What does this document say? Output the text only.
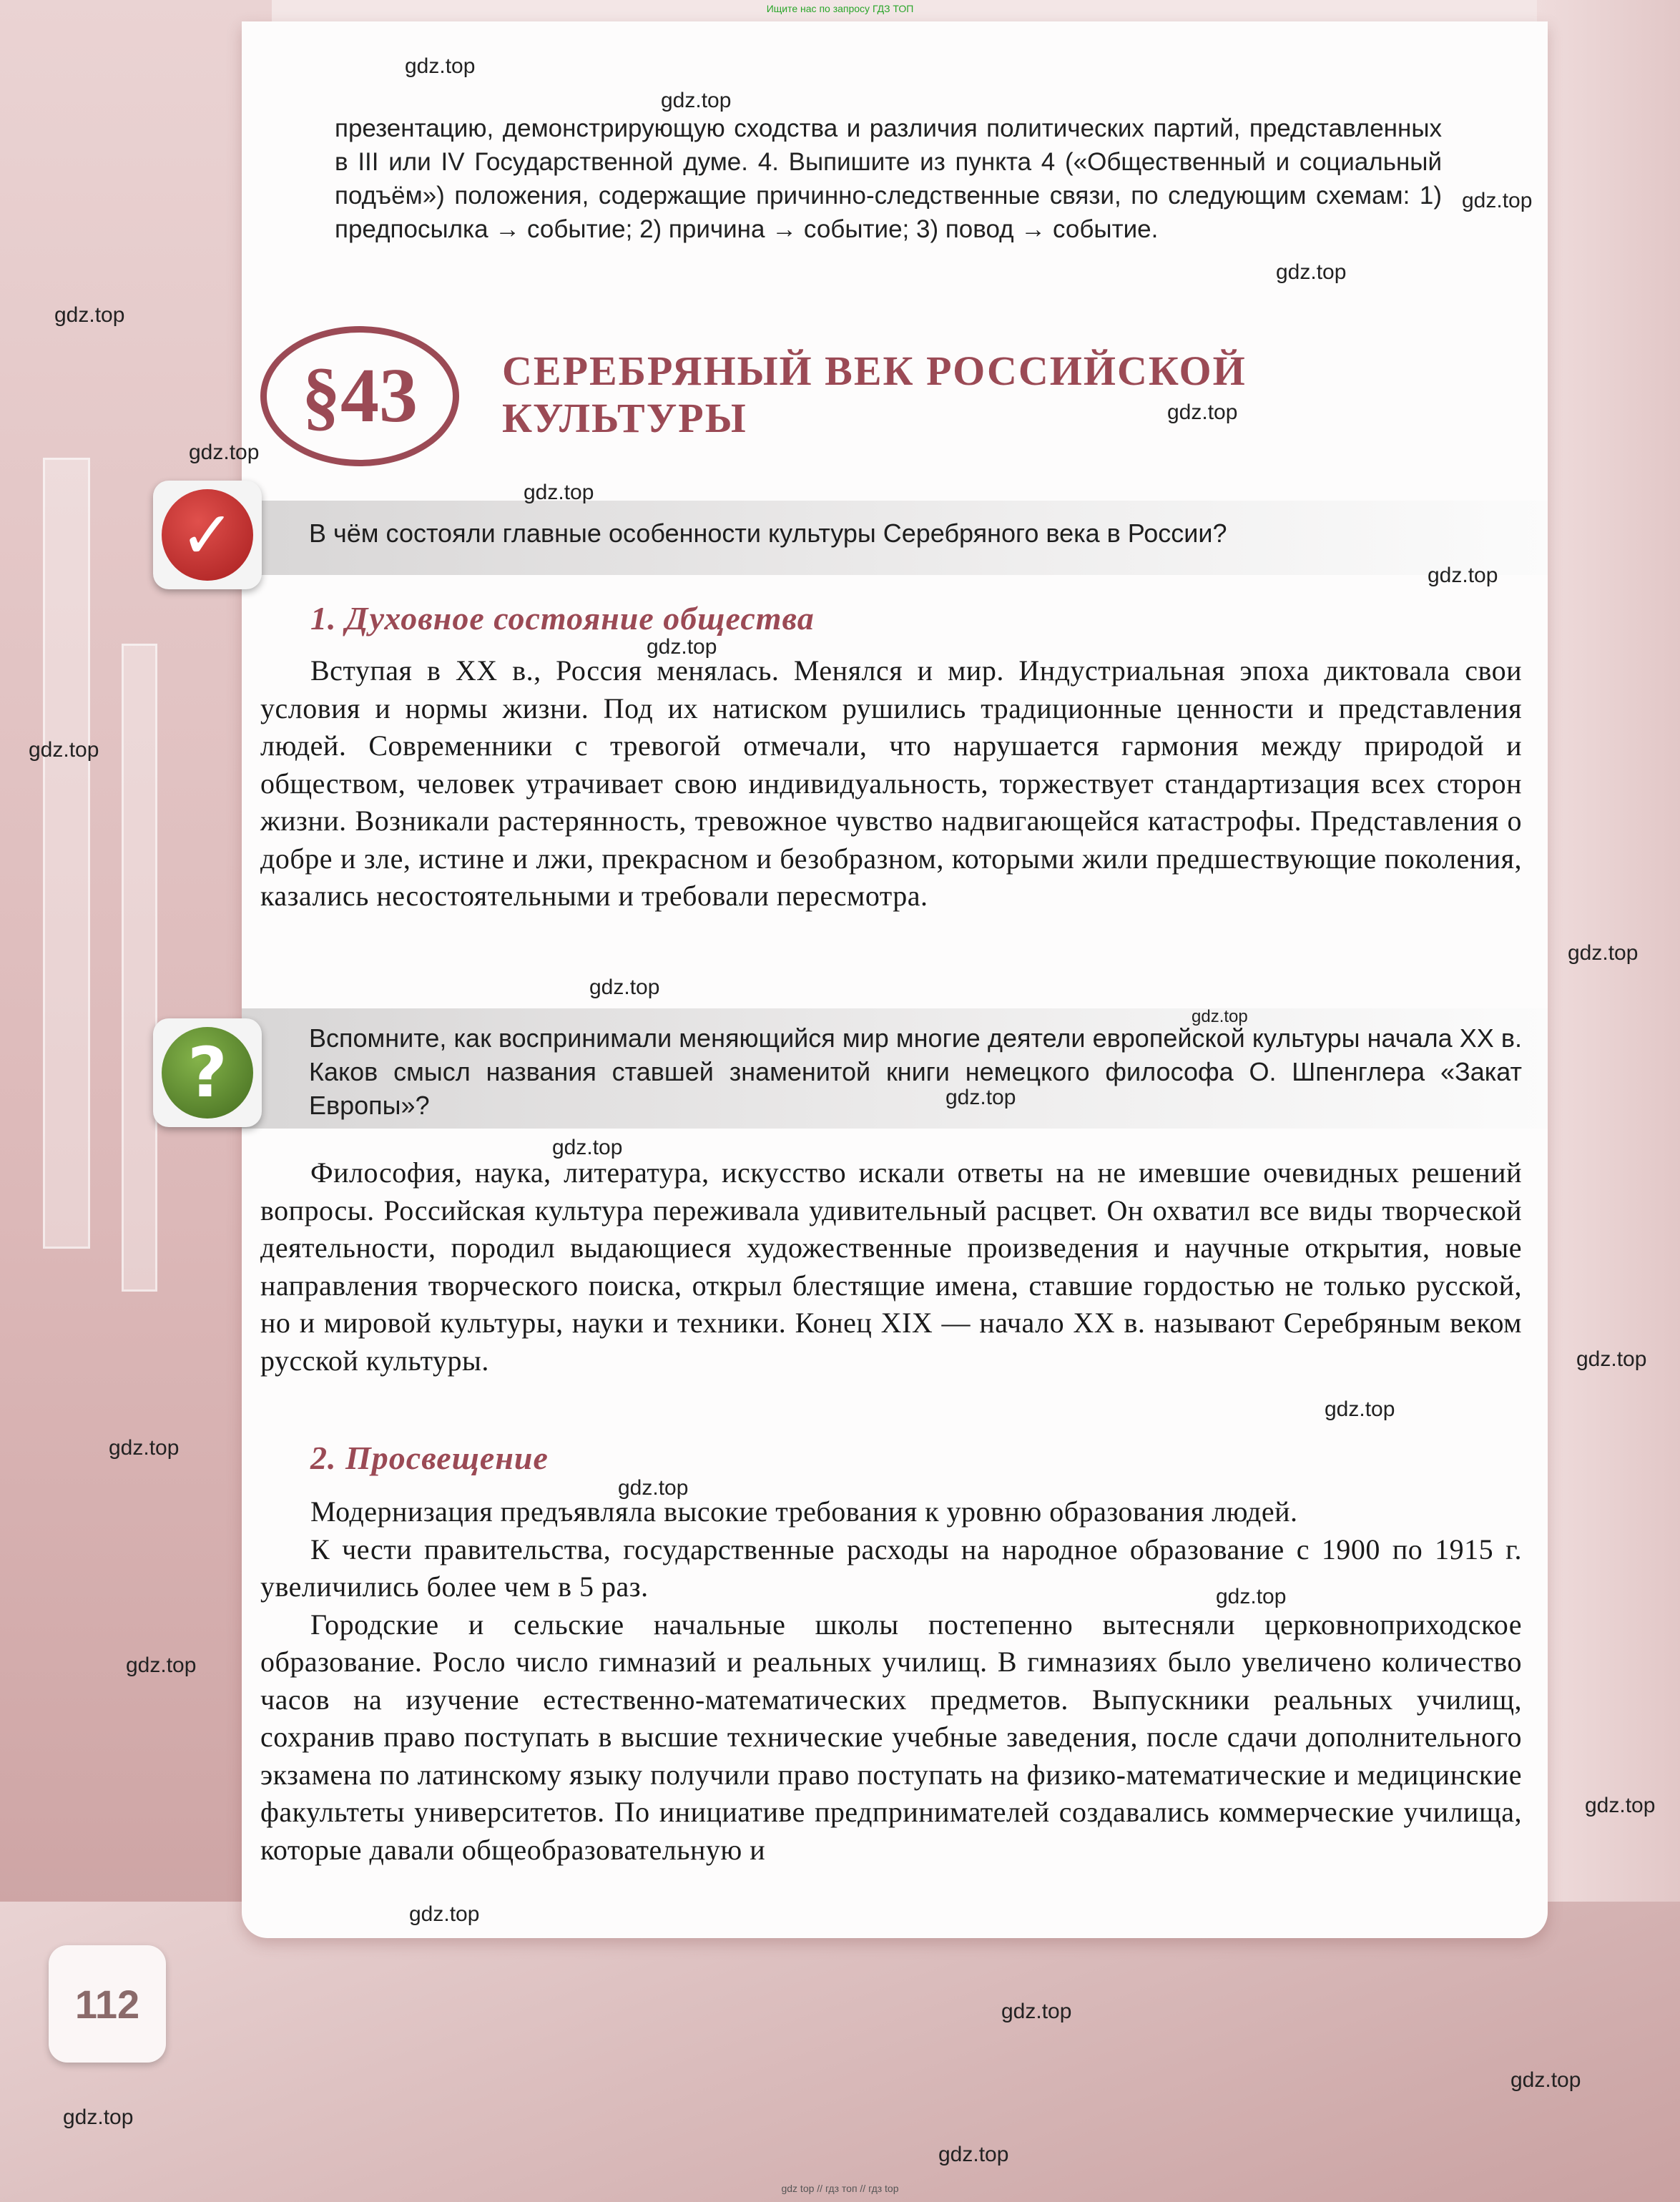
Ищите нас по запросу ГДЗ ТОП
презентацию, демонстрирующую сходства и различия политических партий, представленных в III или IV Государственной думе. 4. Выпишите из пункта 4 («Общественный и социальный подъём») положения, содержащие причинно-следственные связи, по следующим схемам: 1) предпосылка → событие; 2) причина → событие; 3) повод → событие.
§43	СЕРЕБРЯНЫЙ ВЕК РОССИЙСКОЙ
КУЛЬТУРЫ
✓	В чём состояли главные особенности культуры Серебряного века в России?
1. Духовное состояние общества

Вступая в XX в., Россия менялась. Менялся и мир. Индустриальная эпоха диктовала свои условия и нормы жизни. Под их натиском рушились традиционные ценности и представления людей. Современники с тревогой отмечали, что нарушается гармония между природой и обществом, человек утрачивает свою индивидуальность, торжествует стандартизация всех сторон жизни. Возникали растерянность, тревожное чувство надвигающейся катастрофы. Представления о добре и зле, истине и лжи, прекрасном и безобразном, которыми жили предшествующие поколения, казались несостоятельными и требовали пересмотра.

?	Вспомните, как воспринимали меняющийся мир многие деятели европейской культуры начала XX в. Каков смысл названия ставшей знаменитой книги немецкого философа О. Шпенглера «Закат Европы»?

Философия, наука, литература, искусство искали ответы на не имевшие очевидных решений вопросы. Российская культура переживала удивительный расцвет. Он охватил все виды творческой деятельности, породил выдающиеся художественные произведения и научные открытия, новые направления творческого поиска, открыл блестящие имена, ставшие гордостью не только русской, но и мировой культуры, науки и техники. Конец XIX — начало XX в. называют Серебряным веком русской культуры.

2. Просвещение

Модернизация предъявляла высокие требования к уровню образования людей.

К чести правительства, государственные расходы на народное образование с 1900 по 1915 г. увеличились более чем в 5 раз.

Городские и сельские начальные школы постепенно вытесняли церковноприходское образование. Росло число гимназий и реальных училищ. В гимназиях было увеличено количество часов на изучение естественно-математических предметов. Выпускники реальных училищ, сохранив право поступать в высшие технические учебные заведения, после сдачи дополнительного экзамена по латинскому языку получили право поступать на физико-математические и медицинские факультеты университетов. По инициативе предпринимателей создавались коммерческие училища, которые давали общеобразовательную и

112
gdz.top
gdz.top
gdz.top
gdz.top
gdz.top
gdz.top
gdz.top
gdz.top
gdz.top
gdz.top
gdz.top
gdz.top
gdz.top
gdz.top
gdz.top
gdz.top
gdz.top
gdz.top
gdz.top
gdz.top
gdz.top
gdz.top
gdz.top
gdz.top
gdz.top
gdz.top
gdz.top
gdz.top
gdz top // гдз топ // гдз top
